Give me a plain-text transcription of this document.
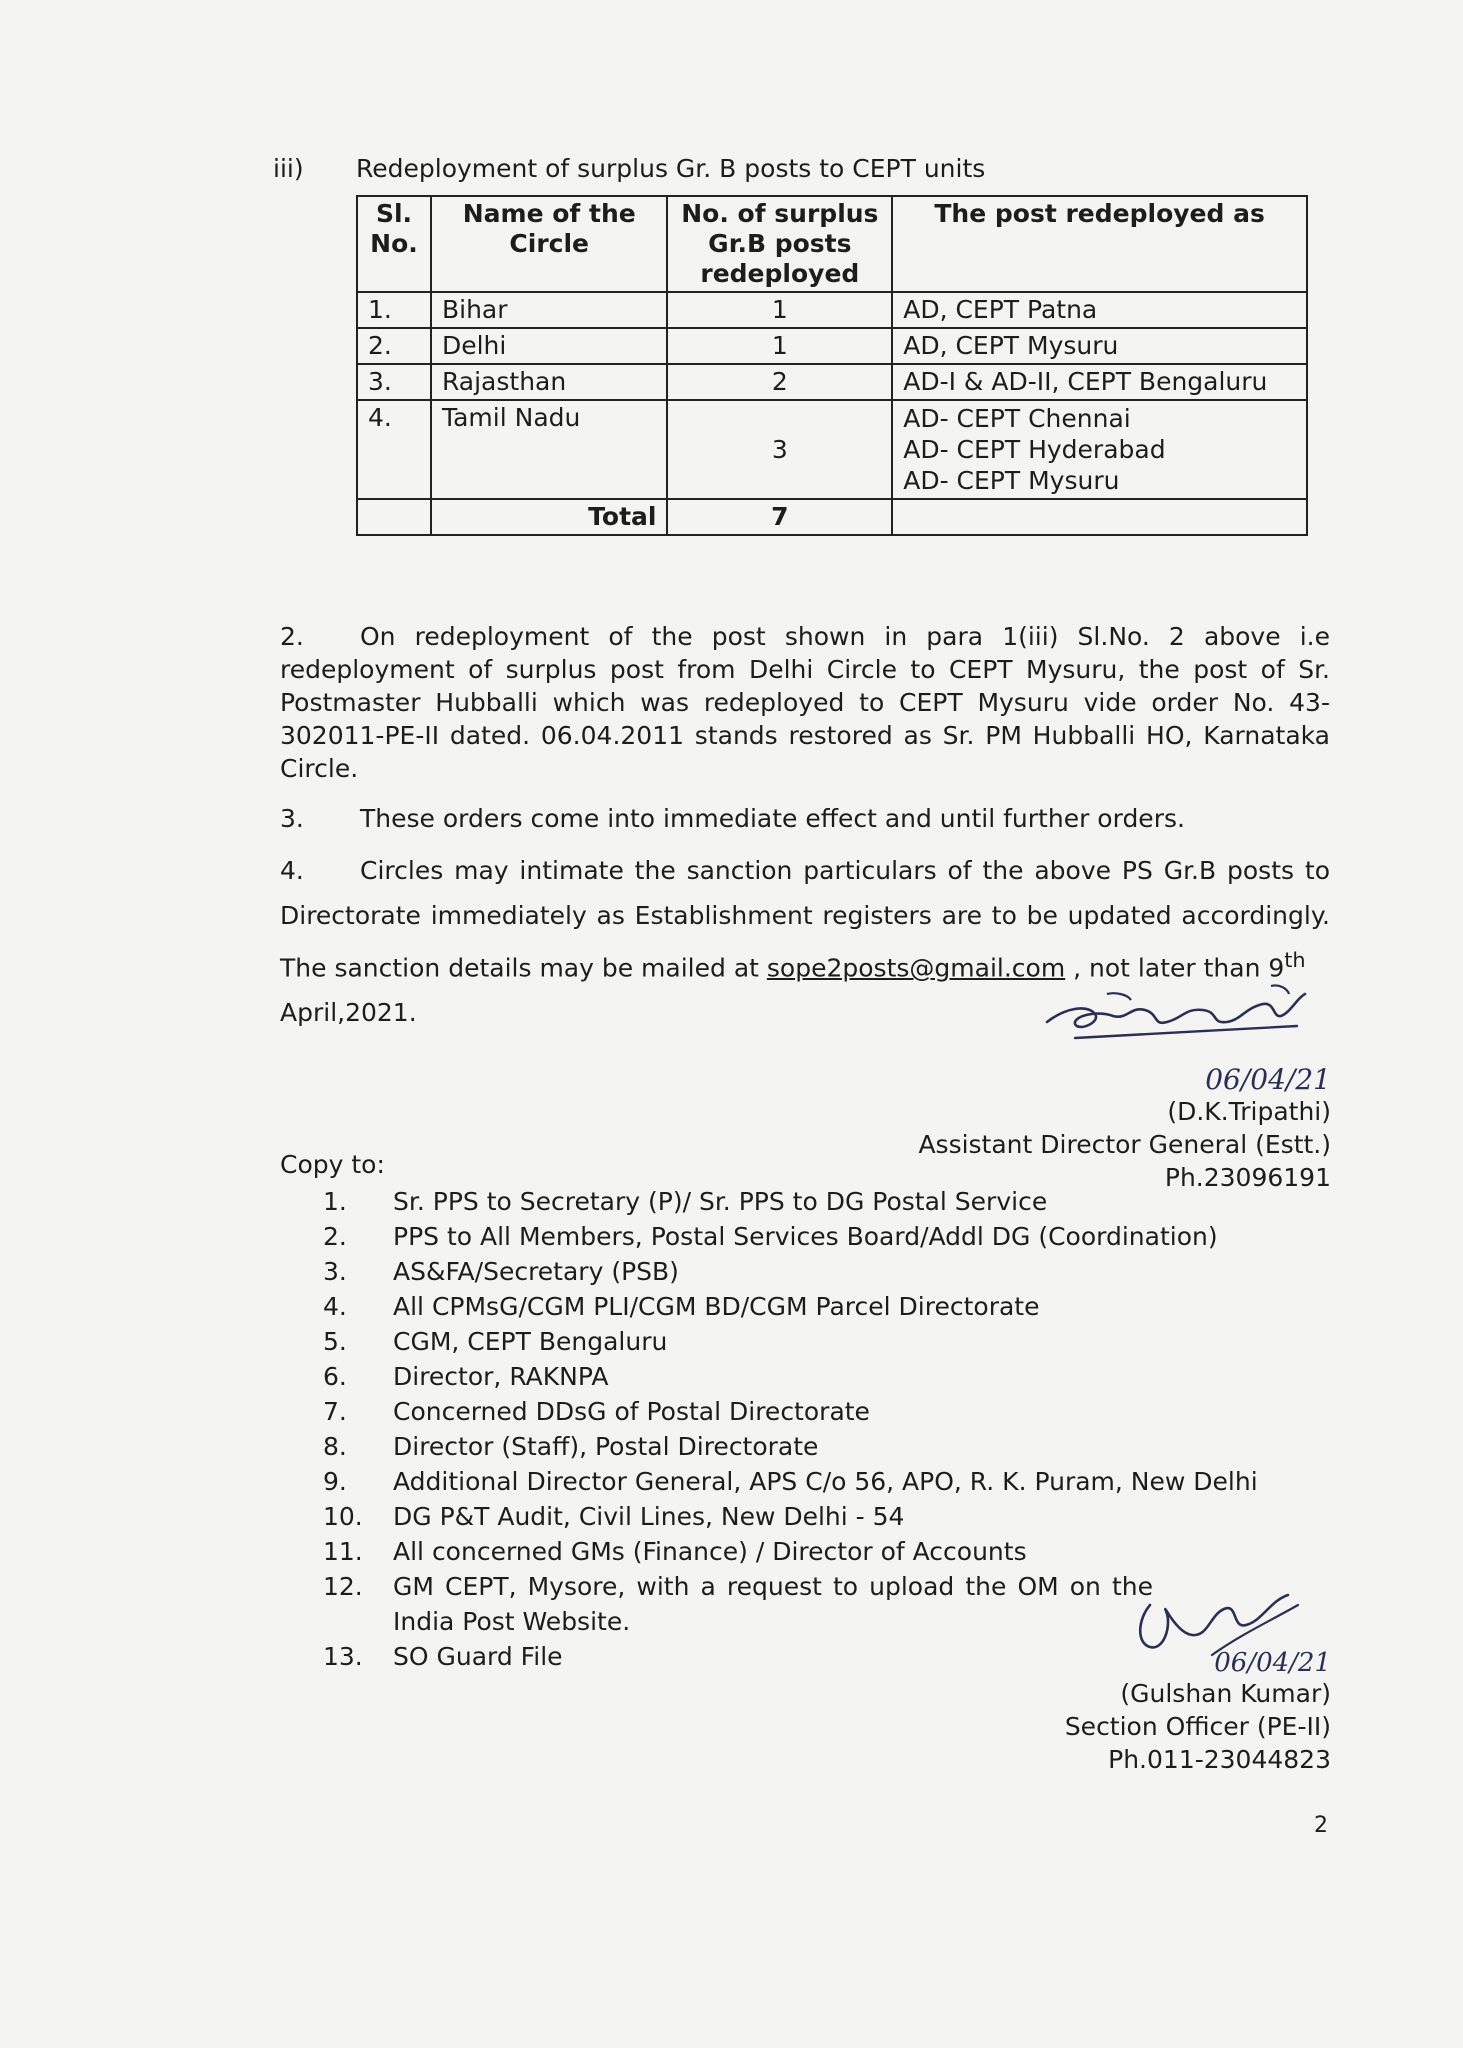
iii) Redeployment of surplus Gr. B posts to CEPT units
Sl. No.	Name of the Circle	No. of surplus Gr.B posts redeployed	The post redeployed as
1.	Bihar	1	AD, CEPT Patna
2.	Delhi	1	AD, CEPT Mysuru
3.	Rajasthan	2	AD-I & AD-II, CEPT Bengaluru
4.	Tamil Nadu	3	AD- CEPT Chennai
AD- CEPT Hyderabad
AD- CEPT Mysuru

	Total	7	
2. On redeployment of the post shown in para 1(iii) Sl.No. 2 above i.e redeployment of surplus post from Delhi Circle to CEPT Mysuru, the post of Sr. Postmaster Hubballi which was redeployed to CEPT Mysuru vide order No. 43-302011-PE-II dated. 06.04.2011 stands restored as Sr. PM Hubballi HO, Karnataka Circle.
3. These orders come into immediate effect and until further orders.
4. Circles may intimate the sanction particulars of the above PS Gr.B posts to Directorate immediately as Establishment registers are to be updated accordingly. The sanction details may be mailed at sope2posts@gmail.com , not later than 9th
April,2021.
06/04/21
(D.K.Tripathi)
Assistant Director General (Estt.)
Ph.23096191
Copy to:
1. Sr. PPS to Secretary (P)/ Sr. PPS to DG Postal Service
2. PPS to All Members, Postal Services Board/Addl DG (Coordination)
3. AS&FA/Secretary (PSB)
4. All CPMsG/CGM PLI/CGM BD/CGM Parcel Directorate
5. CGM, CEPT Bengaluru
6. Director, RAKNPA
7. Concerned DDsG of Postal Directorate
8. Director (Staff), Postal Directorate
9. Additional Director General, APS C/o 56, APO, R. K. Puram, New Delhi
10. DG P&T Audit, Civil Lines, New Delhi - 54
11. All concerned GMs (Finance) / Director of Accounts
12. GM CEPT, Mysore, with a request to upload the OM on the India Post Website.
13. SO Guard File	06/04/21
(Gulshan Kumar)
Section Officer (PE-II)
Ph.011-23044823
2
